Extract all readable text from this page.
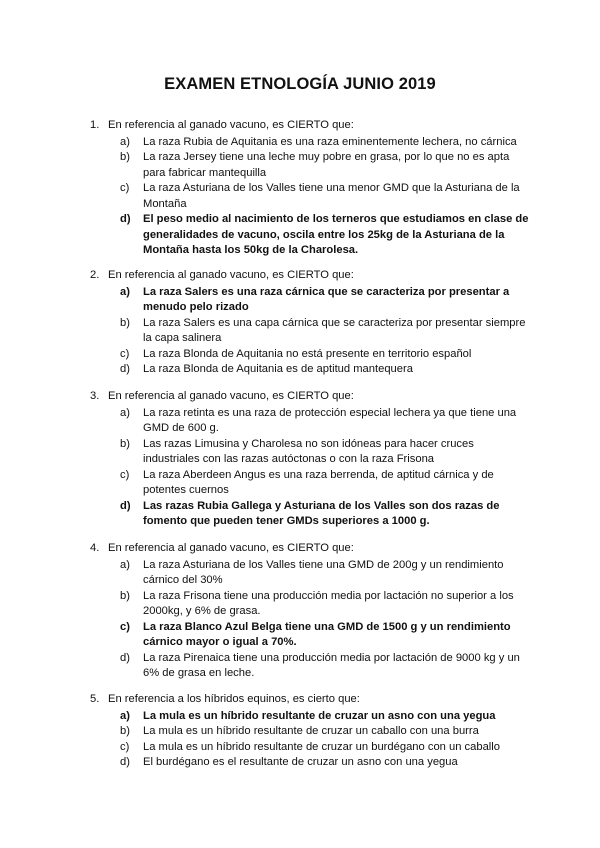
EXAMEN ETNOLOGÍA JUNIO 2019
1. En referencia al ganado vacuno, es CIERTO que:
a)	La raza Rubia de Aquitania es una raza eminentemente lechera, no cárnica
b)	La raza Jersey tiene una leche muy pobre en grasa, por lo que no es apta para fabricar mantequilla
c)	La raza Asturiana de los Valles tiene una menor GMD que la Asturiana de la Montaña
d)	El peso medio al nacimiento de los terneros que estudiamos en clase de generalidades de vacuno, oscila entre los 25kg de la Asturiana de la Montaña hasta los 50kg de la Charolesa.
2. En referencia al ganado vacuno, es CIERTO que:
a)	La raza Salers es una raza cárnica que se caracteriza por presentar a menudo pelo rizado
b)	La raza Salers es una capa cárnica que se caracteriza por presentar siempre la capa salinera
c)	La raza Blonda de Aquitania no está presente en territorio español
d)	La raza Blonda de Aquitania es de aptitud mantequera
3. En referencia al ganado vacuno, es CIERTO que:
a)	La raza retinta es una raza de protección especial lechera ya que tiene una GMD de 600 g.
b)	Las razas Limusina y Charolesa no son idóneas para hacer cruces industriales con las razas autóctonas o con la raza Frisona
c)	La raza Aberdeen Angus es una raza berrenda, de aptitud cárnica y de potentes cuernos
d)	Las razas Rubia Gallega y Asturiana de los Valles son dos razas de fomento que pueden tener GMDs superiores a 1000 g.
4. En referencia al ganado vacuno, es CIERTO que:
a)	La raza Asturiana de los Valles tiene una GMD de 200g y un rendimiento cárnico del 30%
b)	La raza Frisona tiene una producción media por lactación no superior a los 2000kg, y 6% de grasa.
c)	La raza Blanco Azul Belga tiene una GMD de 1500 g y un rendimiento cárnico mayor o igual a 70%.
d)	La raza Pirenaica tiene una producción media por lactación de 9000 kg y un 6% de grasa en leche.
5. En referencia a los híbridos equinos, es cierto que:
a)	La mula es un híbrido resultante de cruzar un asno con una yegua
b)	La mula es un híbrido resultante de cruzar un caballo con una burra
c)	La mula es un híbrido resultante de cruzar un burdégano con un caballo
d)	El burdégano es el resultante de cruzar un asno con una yegua
